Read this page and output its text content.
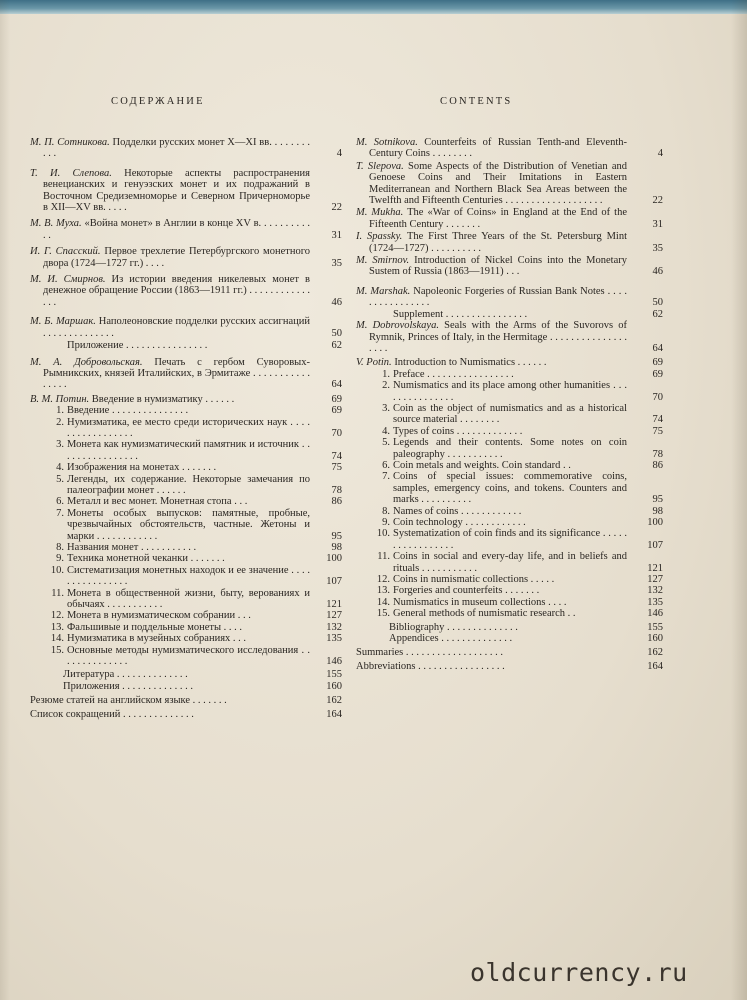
СОДЕРЖАНИЕ	CONTENTS
М. П. Сотникова. Подделки русских монет X—XI вв. . . . . . . . . . .	4
Т. И. Слепова. Некоторые аспекты распространения венецианских и генуэзских монет и их подражаний в Восточном Средиземноморье и Северном Причерноморье в XII—XV вв. . . . .	22
М. В. Муха. «Война монет» в Англии в конце XV в. . . . . . . . . . . .	31
И. Г. Спасский. Первое трехлетие Петербургского монетного двора (1724—1727 гг.) . . . .	35
М. И. Смирнов. Из истории введения никелевых монет в денежное обращение России (1863—1911 гг.) . . . . . . . . . . . . . . .	46
М. Б. Маршак. Наполеоновские подделки русских ассигнаций . . . . . . . . . . . . . .	50
Приложение . . . . . . . . . . . . . . . .	62
М. А. Добровольская. Печать с гербом Суворовых-Рымникских, князей Италийских, в Эрмитаже . . . . . . . . . . . . . . . .	64
В. М. Потин. Введение в нумизматику . . . . . .	69
1. Введение . . . . . . . . . . . . . . .	69
2. Нумизматика, ее место среди исторических наук . . . . . . . . . . . . . . . . .	70
3. Монета как нумизматический памятник и источник . . . . . . . . . . . . . . . .	74
4. Изображения на монетах . . . . . . .	75
5. Легенды, их содержание. Некоторые замечания по палеографии монет . . . . . .	78
6. Металл и вес монет. Монетная стопа . . .	86
7. Монеты особых выпусков: памятные, пробные, чрезвычайных обстоятельств, частные. Жетоны и марки . . . . . . . . . . . .	95
8. Названия монет . . . . . . . . . . .	98
9. Техника монетной чеканки . . . . . . .	100
10. Систематизация монетных находок и ее значение . . . . . . . . . . . . . . . .	107
11. Монета в общественной жизни, быту, верованиях и обычаях . . . . . . . . . . .	121
12. Монета в нумизматическом собрании . . .	127
13. Фальшивые и поддельные монеты . . . .	132
14. Нумизматика в музейных собраниях . . .	135
15. Основные методы нумизматического исследования . . . . . . . . . . . . . .	146
Литература . . . . . . . . . . . . . .	155
Приложения . . . . . . . . . . . . . .	160
Резюме статей на английском языке . . . . . . .	162
Список сокращений . . . . . . . . . . . . . .	164
M. Sotnikova. Counterfeits of Russian Tenth-and Eleventh-Century Coins . . . . . . . .	4
T. Slepova. Some Aspects of the Distribution of Venetian and Genoese Coins and Their Imitations in Eastern Mediterranean and Northern Black Sea Areas between the Twelfth and Fifteenth Centuries . . . . . . . . . . . . . . . . . . .	22
M. Mukha. The «War of Coins» in England at the End of the Fifteenth Century . . . . . . .	31
I. Spassky. The First Three Years of the St. Petersburg Mint (1724—1727) . . . . . . . . . .	35
M. Smirnov. Introduction of Nickel Coins into the Monetary Sustem of Russia (1863—1911) . . .	46
M. Marshak. Napoleonic Forgeries of Russian Bank Notes . . . . . . . . . . . . . . . .	50
Supplement . . . . . . . . . . . . . . . .	62
M. Dobrovolskaya. Seals with the Arms of the Suvorovs of Rymnik, Princes of Italy, in the Hermitage . . . . . . . . . . . . . . . . . . .	64
V. Potin. Introduction to Numismatics . . . . . .	69
1. Preface . . . . . . . . . . . . . . . . .	69
2. Numismatics and its place among other humanities . . . . . . . . . . . . . . .	70
3. Coin as the object of numismatics and as a historical source material . . . . . . . .	74
4. Types of coins . . . . . . . . . . . . .	75
5. Legends and their contents. Some notes on coin paleography . . . . . . . . . . .	78
6. Coin metals and weights. Coin standard . .	86
7. Coins of special issues: commemorative coins, samples, emergency coins, and tokens. Counters and marks . . . . . . . . . .	95
8. Names of coins . . . . . . . . . . . .	98
9. Coin technology . . . . . . . . . . . .	100
10. Systematization of coin finds and its significance . . . . . . . . . . . . . . . . .	107
11. Coins in social and every-day life, and in beliefs and rituals . . . . . . . . . . .	121
12. Coins in numismatic collections . . . . .	127
13. Forgeries and counterfeits . . . . . . .	132
14. Numismatics in museum collections . . . .	135
15. General methods of numismatic research . .	146
Bibliography . . . . . . . . . . . . . .	155
Appendices . . . . . . . . . . . . . .	160
Summaries . . . . . . . . . . . . . . . . . . .	162
Abbreviations . . . . . . . . . . . . . . . . .	164
oldcurrency.ru
